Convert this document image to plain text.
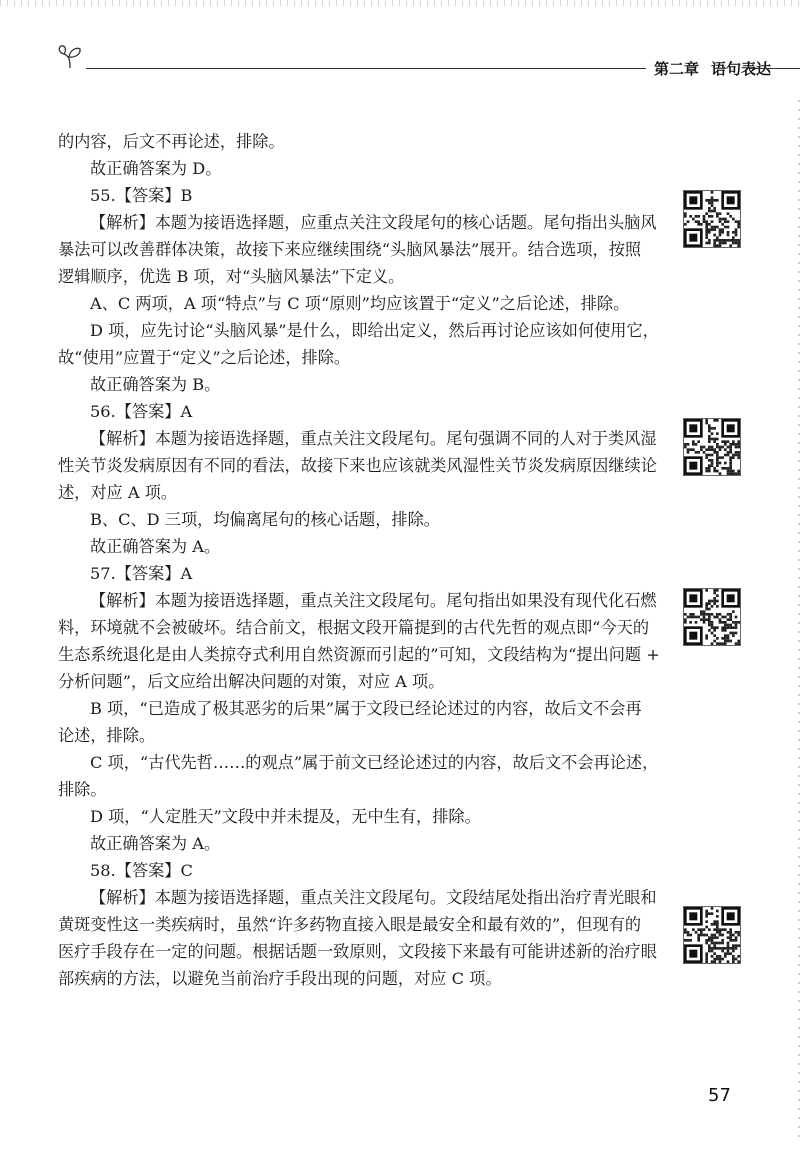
第二章 语句表达

的内容，后文不再论述，排除。

故正确答案为 D。

55.【答案】B

【解析】本题为接语选择题，应重点关注文段尾句的核心话题。尾句指出头脑风

暴法可以改善群体决策，故接下来应继续围绕“头脑风暴法”展开。结合选项，按照

逻辑顺序，优选 B 项，对“头脑风暴法”下定义。

A、C 两项，A 项“特点”与 C 项“原则”均应该置于“定义”之后论述，排除。

D 项，应先讨论“头脑风暴”是什么，即给出定义，然后再讨论应该如何使用它，

故“使用”应置于“定义”之后论述，排除。

故正确答案为 B。

56.【答案】A

【解析】本题为接语选择题，重点关注文段尾句。尾句强调不同的人对于类风湿

性关节炎发病原因有不同的看法，故接下来也应该就类风湿性关节炎发病原因继续论

述，对应 A 项。

B、C、D 三项，均偏离尾句的核心话题，排除。

故正确答案为 A。

57.【答案】A

【解析】本题为接语选择题，重点关注文段尾句。尾句指出如果没有现代化石燃

料，环境就不会被破坏。结合前文，根据文段开篇提到的古代先哲的观点即“今天的

生态系统退化是由人类掠夺式利用自然资源而引起的”可知，文段结构为“提出问题 +

分析问题”，后文应给出解决问题的对策，对应 A 项。

B 项，“已造成了极其恶劣的后果”属于文段已经论述过的内容，故后文不会再

论述，排除。

C 项，“古代先哲……的观点”属于前文已经论述过的内容，故后文不会再论述，

排除。

D 项，“人定胜天”文段中并未提及，无中生有，排除。

故正确答案为 A。

58.【答案】C

【解析】本题为接语选择题，重点关注文段尾句。文段结尾处指出治疗青光眼和

黄斑变性这一类疾病时，虽然“许多药物直接入眼是最安全和最有效的”，但现有的

医疗手段存在一定的问题。根据话题一致原则，文段接下来最有可能讲述新的治疗眼

部疾病的方法，以避免当前治疗手段出现的问题，对应 C 项。

57
